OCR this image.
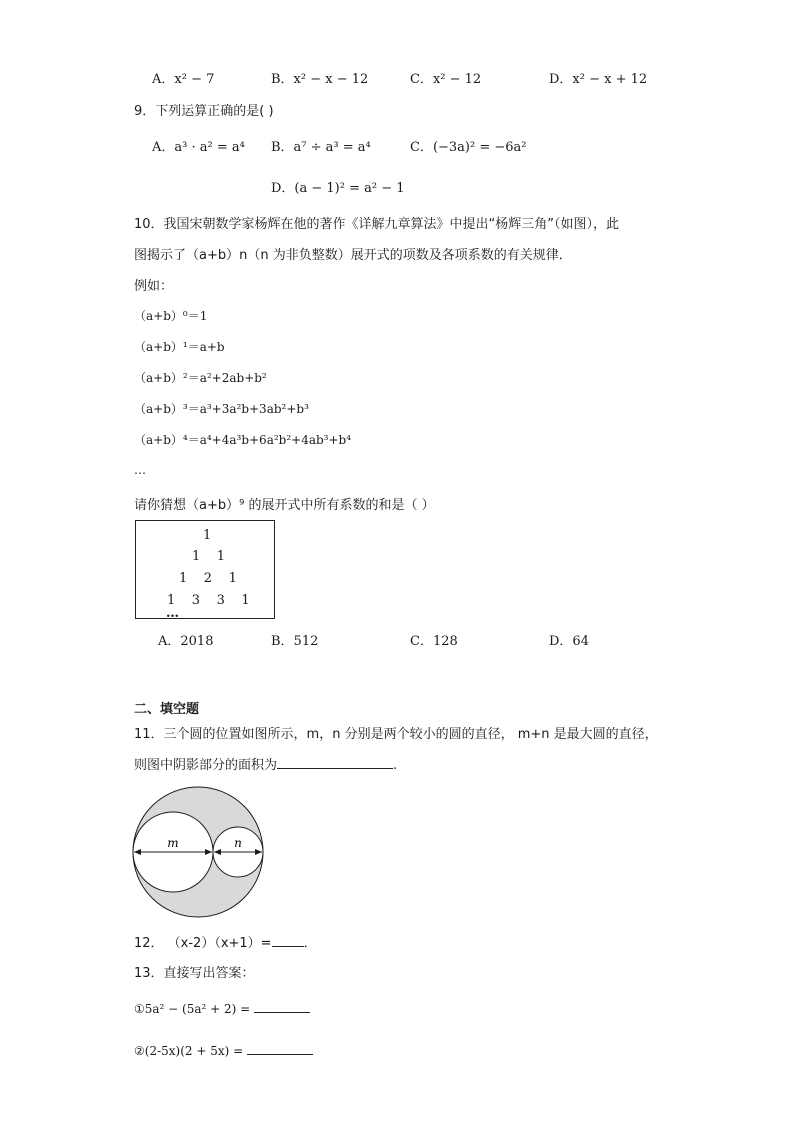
A．x² − 7	B．x² − x − 12	C．x² − 12	D．x² − x + 12
9．下列运算正确的是( )
A．a³ · a² = a⁴ B．a⁷ ÷ a³ = a⁴	C．(−3a)² = −6a²
D．(a − 1)² = a² − 1
10．我国宋朝数学家杨辉在他的著作《详解九章算法》中提出“杨辉三角”（如图），此
图揭示了（a+b）n（n 为非负整数）展开式的项数及各项系数的有关规律．
例如：
（a+b）⁰＝1
（a+b）¹＝a+b
（a+b）²＝a²+2ab+b²
（a+b）³＝a³+3a²b+3ab²+b³
（a+b）⁴＝a⁴+4a³b+6a²b²+4ab³+b⁴
…
请你猜想（a+b）⁹ 的展开式中所有系数的和是（ ）
1
1    1
1    2    1
1    3    3    1
…
A．2018	B．512	C．128	D．64
二、填空题
11．三个圆的位置如图所示，m，n 分别是两个较小的圆的直径， m+n 是最大圆的直径，
则图中阴影部分的面积为	.
m	n
12． （x-2）（x+1）= ．
13．直接写出答案：
①5a² − (5a² + 2) =
②(2-5x)(2 + 5x) =
